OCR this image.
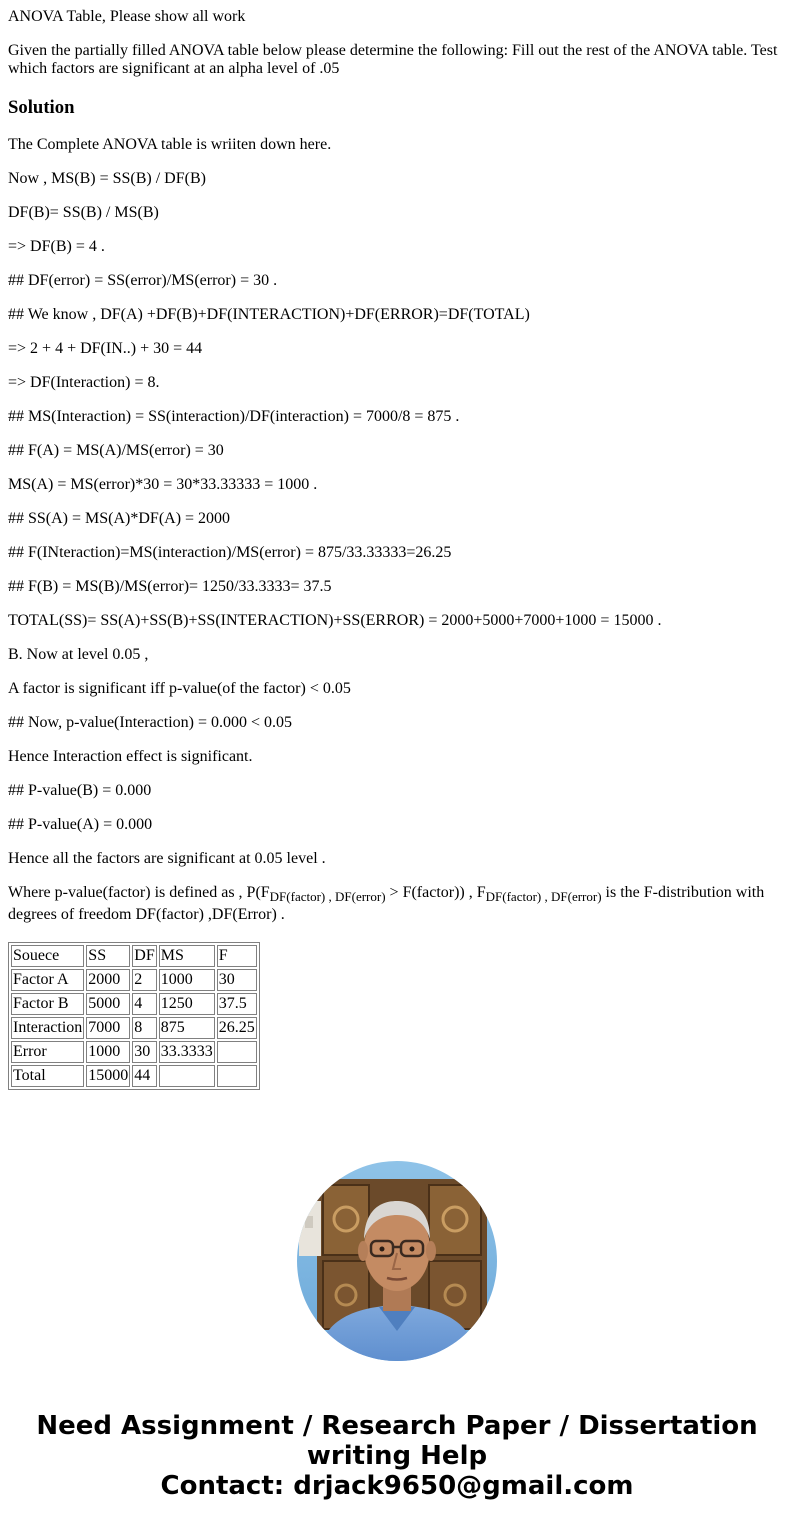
ANOVA Table, Please show all work

Given the partially filled ANOVA table below please determine the following: Fill out the rest of the ANOVA table. Test which factors are significant at an alpha level of .05

Solution

The Complete ANOVA table is wriiten down here.

Now , MS(B) = SS(B) / DF(B)

DF(B)= SS(B) / MS(B)

=> DF(B) = 4 .

## DF(error) = SS(error)/MS(error) = 30 .

## We know , DF(A) +DF(B)+DF(INTERACTION)+DF(ERROR)=DF(TOTAL)

=> 2 + 4 + DF(IN..) + 30 = 44

=> DF(Interaction) = 8.

## MS(Interaction) = SS(interaction)/DF(interaction) = 7000/8 = 875 .

## F(A) = MS(A)/MS(error) = 30

MS(A) = MS(error)*30 = 30*33.33333 = 1000 .

## SS(A) = MS(A)*DF(A) = 2000

## F(INteraction)=MS(interaction)/MS(error) = 875/33.33333=26.25

## F(B) = MS(B)/MS(error)= 1250/33.3333= 37.5

TOTAL(SS)= SS(A)+SS(B)+SS(INTERACTION)+SS(ERROR) = 2000+5000+7000+1000 = 15000 .

B. Now at level 0.05 ,

A factor is significant iff p-value(of the factor) < 0.05

## Now, p-value(Interaction) = 0.000 < 0.05

Hence Interaction effect is significant.

## P-value(B) = 0.000

## P-value(A) = 0.000

Hence all the factors are significant at 0.05 level .

Where p-value(factor) is defined as , $P(F_{DF(factor) , DF(error)}$ > F(factor)) , $F_{DF(factor) , DF(error)}$ is the F-distribution with degrees of freedom DF(factor) ,DF(Error) .

Souece	SS	DF	MS	F
Factor A	2000	2	1000	30
Factor B	5000	4	1250	37.5
Interaction	7000	8	875	26.25
Error	1000	30	33.3333	
Total	15000	44		
Need Assignment / Research Paper / Dissertation
writing Help
Contact: drjack9650@gmail.com
